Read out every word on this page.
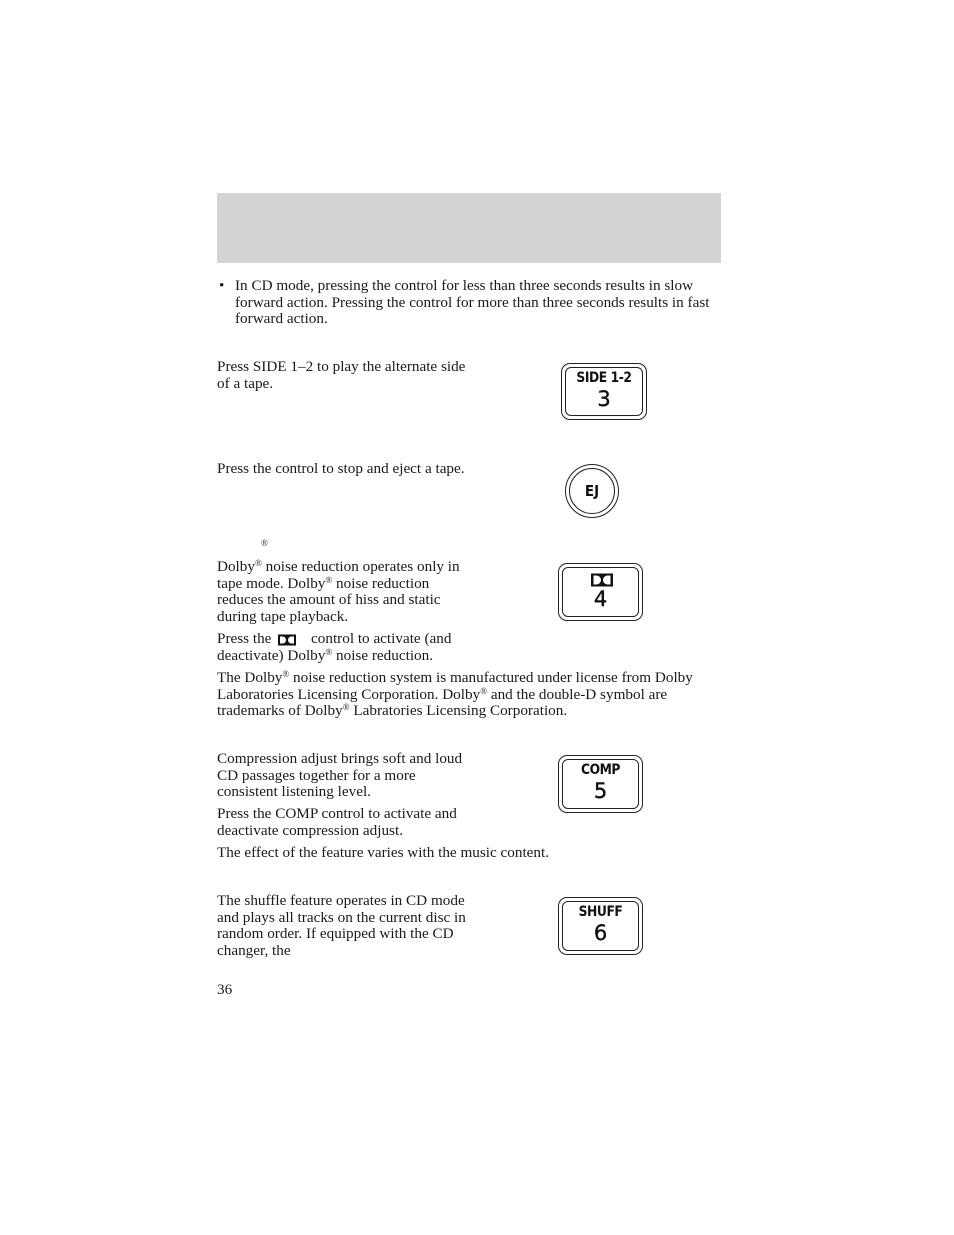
• In CD mode, pressing the control for less than three seconds results in slow forward action. Pressing the control for more than three seconds results in fast forward action.

Press SIDE 1–2 to play the alternate side of a tape.	SIDE 1-2
3

Press the control to stop and eject a tape.

EJ
®

Dolby® noise reduction operates only in tape mode. Dolby® noise reduction reduces the amount of hiss and static during tape playback.

Press the  control to activate (and deactivate) Dolby® noise reduction.

The Dolby® noise reduction system is manufactured under license from Dolby Laboratories Licensing Corporation. Dolby® and the double-D symbol are trademarks of Dolby® Labratories Licensing Corporation.

4

Compression adjust brings soft and loud CD passages together for a more consistent listening level.

Press the COMP control to activate and deactivate compression adjust.

The effect of the feature varies with the music content.

COMP
5

The shuffle feature operates in CD mode and plays all tracks on the current disc in random order. If equipped with the CD changer, the

SHUFF
6

36
